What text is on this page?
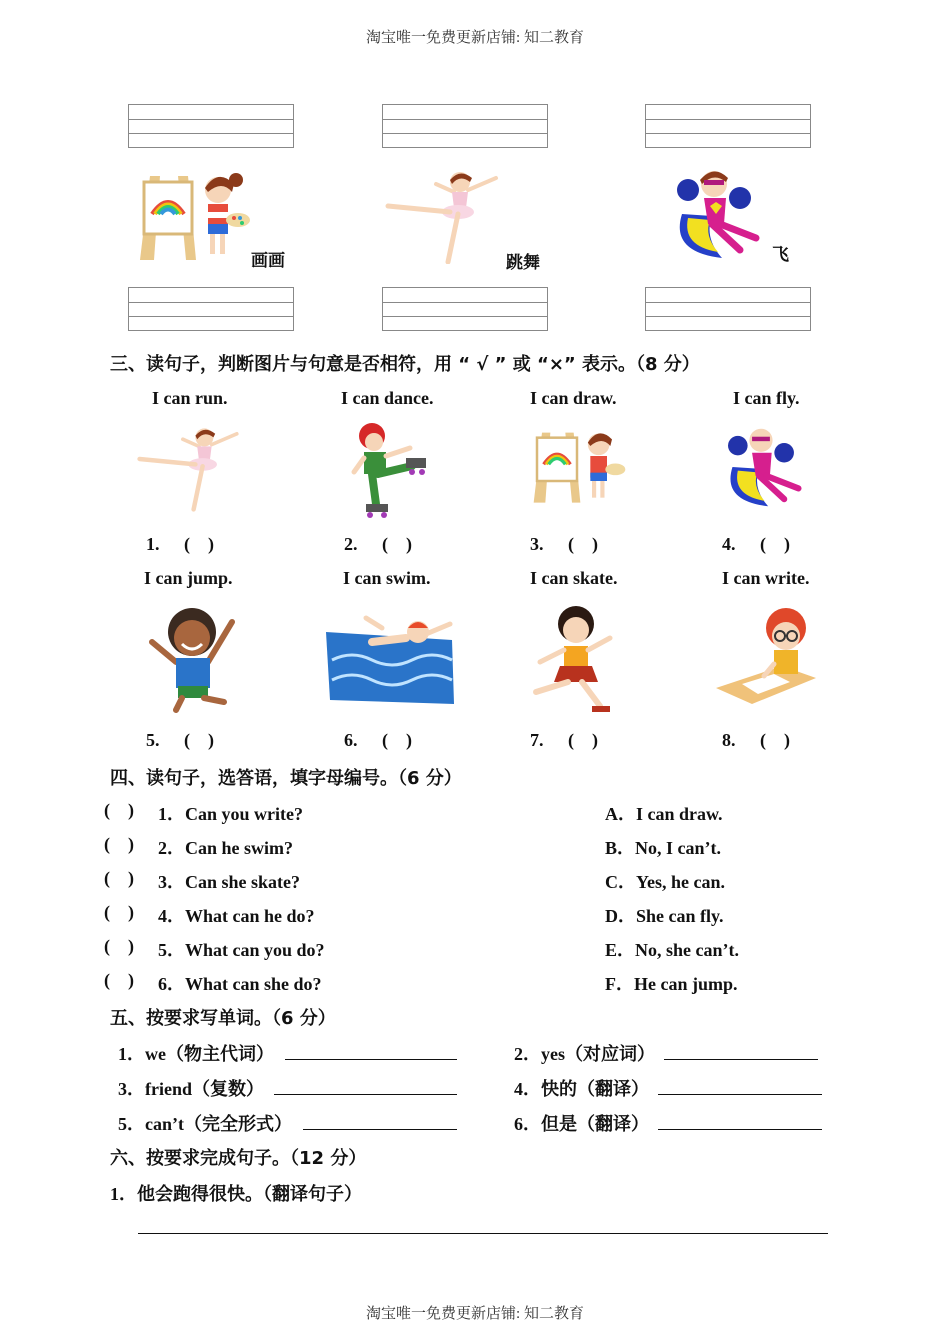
淘宝唯一免费更新店铺: 知二教育
画画	跳舞	飞
三、读句子，判断图片与句意是否相符，用 “ √ ” 或 “×” 表示。（8 分）
I can run.	I can dance.	I can draw.	I can fly.
1. (    )	2. (    )	3. (    )	4. (    )
I can jump.	I can swim.	I can skate.	I can write.
5. (    )	6. (    )	7. (    )	8. (    )
四、读句子，选答语，填字母编号。（6 分）
(    ) 1．Can you write?
(    ) 2．Can he swim?
(    ) 3．Can she skate?
(    ) 4．What can he do?
(    ) 5．What can you do?
(    ) 6．What can she do?
A．I can draw.
B．No, I can’t.
C．Yes, he can.
D．She can fly.
E．No, she can’t.
F．He can jump.
五、按要求写单词。（6 分）
1．we（物主代词）	2．yes（对应词）
3．friend（复数）	4．快的（翻译）
5．can’t（完全形式）	6．但是（翻译）
六、按要求完成句子。（12 分）
1．他会跑得很快。（翻译句子）
淘宝唯一免费更新店铺: 知二教育
